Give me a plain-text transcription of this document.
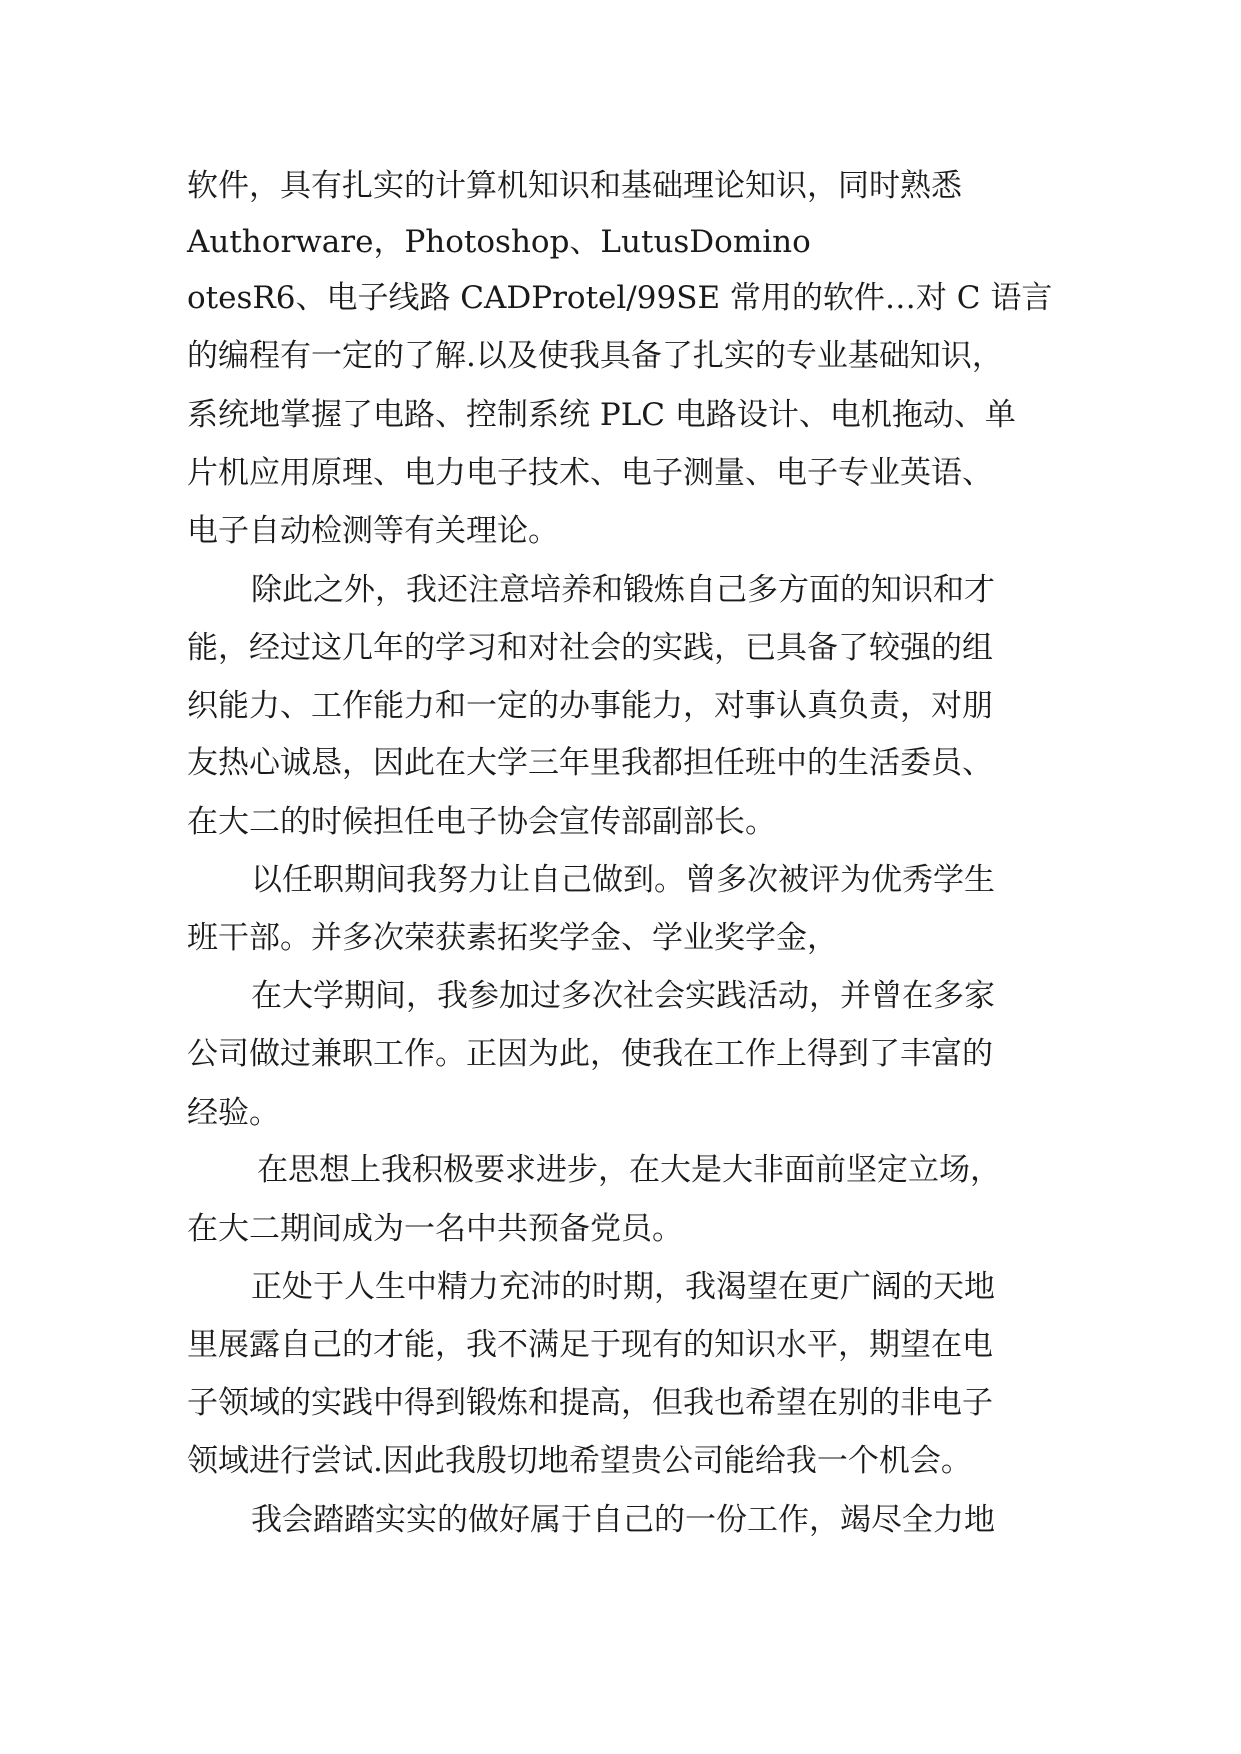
软件，具有扎实的计算机知识和基础理论知识，同时熟悉
Authorware，Photoshop、LutusDomino
otesR6、电子线路 CADProtel/99SE 常用的软件…对 C 语言
的编程有一定的了解.以及使我具备了扎实的专业基础知识，
系统地掌握了电路、控制系统 PLC 电路设计、电机拖动、单
片机应用原理、电力电子技术、电子测量、电子专业英语、
电子自动检测等有关理论。
除此之外，我还注意培养和锻炼自己多方面的知识和才
能，经过这几年的学习和对社会的实践，已具备了较强的组
织能力、工作能力和一定的办事能力，对事认真负责，对朋
友热心诚恳，因此在大学三年里我都担任班中的生活委员、
在大二的时候担任电子协会宣传部副部长。
以任职期间我努力让自己做到。曾多次被评为优秀学生
班干部。并多次荣获素拓奖学金、学业奖学金，
在大学期间，我参加过多次社会实践活动，并曾在多家
公司做过兼职工作。正因为此，使我在工作上得到了丰富的
经验。
在思想上我积极要求进步，在大是大非面前坚定立场，
在大二期间成为一名中共预备党员。
正处于人生中精力充沛的时期，我渴望在更广阔的天地
里展露自己的才能，我不满足于现有的知识水平，期望在电
子领域的实践中得到锻炼和提高，但我也希望在别的非电子
领域进行尝试.因此我殷切地希望贵公司能给我一个机会。
我会踏踏实实的做好属于自己的一份工作，竭尽全力地
